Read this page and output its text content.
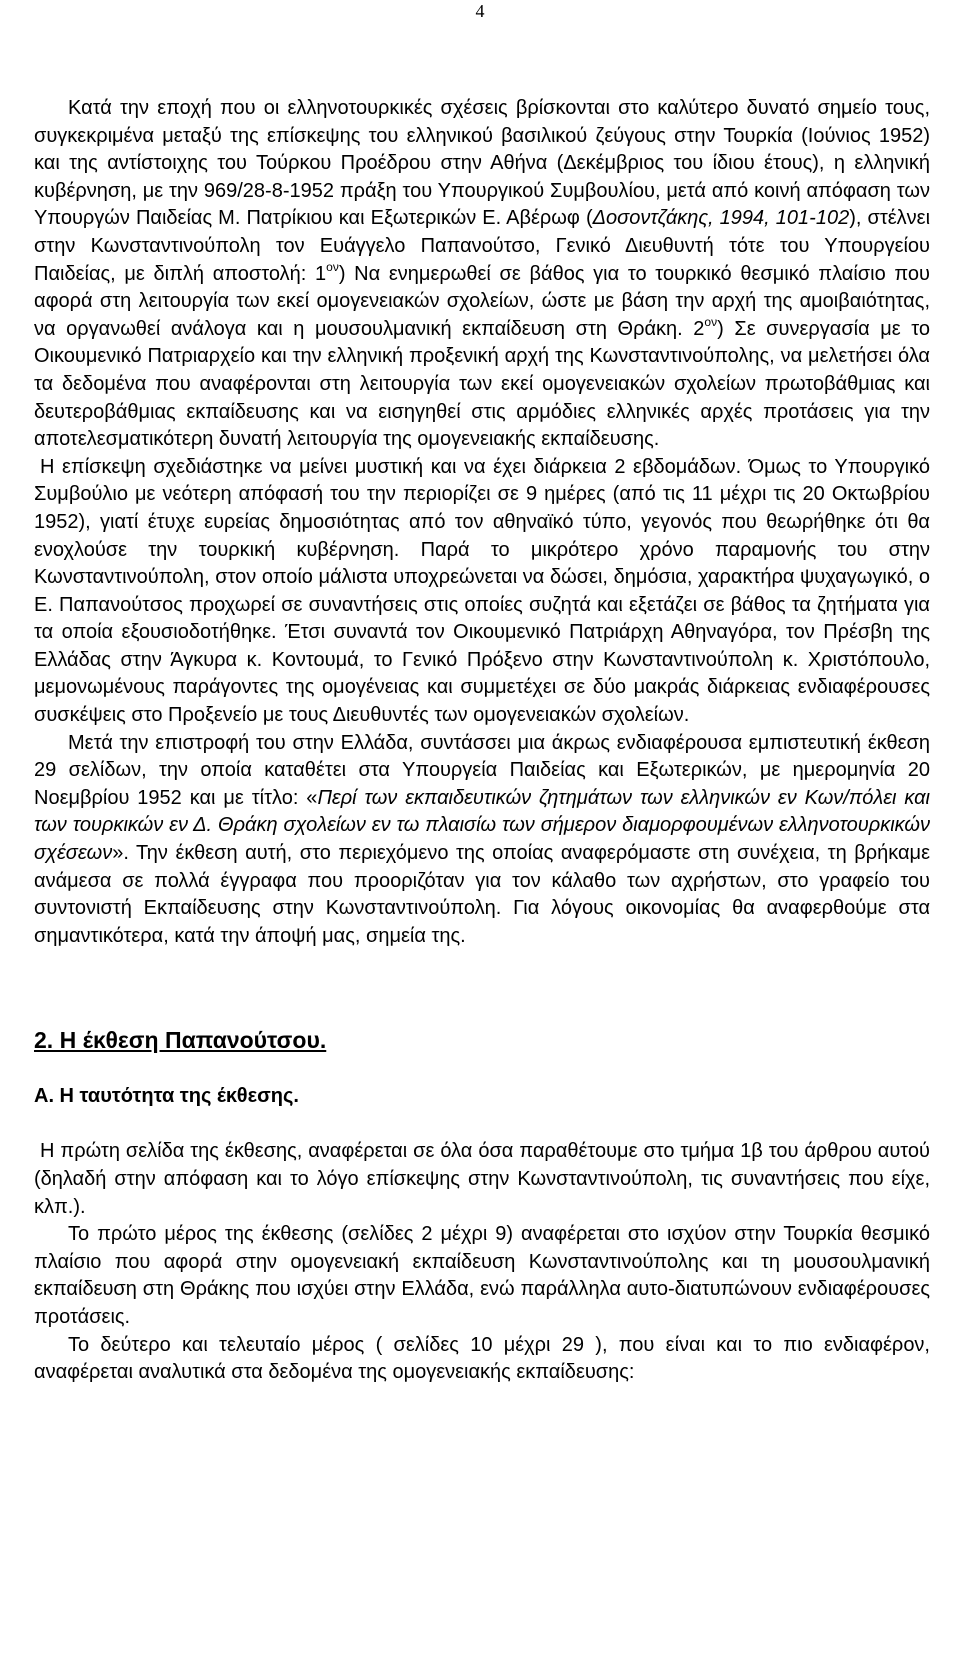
4

Κατά την εποχή που οι ελληνοτουρκικές σχέσεις βρίσκονται στο καλύτερο δυνατό σημείο τους, συγκεκριμένα μεταξύ της επίσκεψης του ελληνικού βασιλικού ζεύγους στην Τουρκία (Ιούνιος 1952) και της αντίστοιχης του Τούρκου Προέδρου στην Αθήνα (Δεκέμβριος του ίδιου έτους), η ελληνική κυβέρνηση, με την 969/28-8-1952 πράξη του Υπουργικού Συμβουλίου, μετά από κοινή απόφαση των Υπουργών Παιδείας Μ. Πατρίκιου και Εξωτερικών Ε. Αβέρωφ (Δοσοντζάκης, 1994, 101-102), στέλνει στην Κωνσταντινούπολη τον Ευάγγελο Παπανούτσο, Γενικό Διευθυντή τότε του Υπουργείου Παιδείας, με διπλή αποστολή: $1^{o\nu}$) Να ενημερωθεί σε βάθος για το τουρκικό θεσμικό πλαίσιο που αφορά στη λειτουργία των εκεί ομογενειακών σχολείων, ώστε με βάση την αρχή της αμοιβαιότητας, να οργανωθεί ανάλογα και η μουσουλμανική εκπαίδευση στη Θράκη. $2^{o\nu}$) Σε συνεργασία με το Οικουμενικό Πατριαρχείο και την ελληνική προξενική αρχή της Κωνσταντινούπολης, να μελετήσει όλα τα δεδομένα που αναφέρονται στη λειτουργία των εκεί ομογενειακών σχολείων πρωτοβάθμιας και δευτεροβάθμιας εκπαίδευσης και να εισηγηθεί στις αρμόδιες ελληνικές αρχές προτάσεις για την αποτελεσματικότερη δυνατή λειτουργία της ομογενειακής εκπαίδευσης.

Η επίσκεψη σχεδιάστηκε να μείνει μυστική και να έχει διάρκεια 2 εβδομάδων. Όμως το Υπουργικό Συμβούλιο με νεότερη απόφασή του την περιορίζει σε 9 ημέρες (από τις 11 μέχρι τις 20 Οκτωβρίου 1952), γιατί έτυχε ευρείας δημοσιότητας από τον αθηναϊκό τύπο, γεγονός που θεωρήθηκε ότι θα ενοχλούσε την τουρκική κυβέρνηση. Παρά το μικρότερο χρόνο παραμονής του στην Κωνσταντινούπολη, στον οποίο μάλιστα υποχρεώνεται να δώσει, δημόσια, χαρακτήρα ψυχαγωγικό, ο Ε. Παπανούτσος προχωρεί σε συναντήσεις στις οποίες συζητά και εξετάζει σε βάθος τα ζητήματα για τα οποία εξουσιοδοτήθηκε. Έτσι συναντά τον Οικουμενικό Πατριάρχη Αθηναγόρα, τον Πρέσβη της Ελλάδας στην Άγκυρα κ. Κοντουμά, το Γενικό Πρόξενο στην Κωνσταντινούπολη κ. Χριστόπουλο, μεμονωμένους παράγοντες της ομογένειας και συμμετέχει σε δύο μακράς διάρκειας ενδιαφέρουσες συσκέψεις στο Προξενείο με τους Διευθυντές των ομογενειακών σχολείων.

Μετά την επιστροφή του στην Ελλάδα, συντάσσει μια άκρως ενδιαφέρουσα εμπιστευτική έκθεση 29 σελίδων, την οποία καταθέτει στα Υπουργεία Παιδείας και Εξωτερικών, με ημερομηνία 20 Νοεμβρίου 1952 και με τίτλο: «Περί των εκπαιδευτικών ζητημάτων των ελληνικών εν Κων/πόλει και των τουρκικών εν Δ. Θράκη σχολείων εν τω πλαισίω των σήμερον διαμορφουμένων ελληνοτουρκικών σχέσεων». Την έκθεση αυτή, στο περιεχόμενο της οποίας αναφερόμαστε στη συνέχεια, τη βρήκαμε ανάμεσα σε πολλά έγγραφα που προοριζόταν για τον κάλαθο των αχρήστων, στο γραφείο του συντονιστή Εκπαίδευσης στην Κωνσταντινούπολη. Για λόγους οικονομίας θα αναφερθούμε στα σημαντικότερα, κατά την άποψή μας, σημεία της.

2. Η έκθεση Παπανούτσου.
Α. Η ταυτότητα της έκθεσης.

Η πρώτη σελίδα της έκθεσης, αναφέρεται σε όλα όσα παραθέτουμε στο τμήμα 1β του άρθρου αυτού (δηλαδή στην απόφαση και το λόγο επίσκεψης στην Κωνσταντινούπολη, τις συναντήσεις που είχε, κλπ.).

Το πρώτο μέρος της έκθεσης (σελίδες 2 μέχρι 9) αναφέρεται στο ισχύον στην Τουρκία θεσμικό πλαίσιο που αφορά στην ομογενειακή εκπαίδευση Κωνσταντινούπολης και τη μουσουλμανική εκπαίδευση στη Θράκης που ισχύει στην Ελλάδα, ενώ παράλληλα αυτο-διατυπώνουν ενδιαφέρουσες προτάσεις.

Το δεύτερο και τελευταίο μέρος ( σελίδες 10 μέχρι 29 ), που είναι και το πιο ενδιαφέρον, αναφέρεται αναλυτικά στα δεδομένα της ομογενειακής εκπαίδευσης:
